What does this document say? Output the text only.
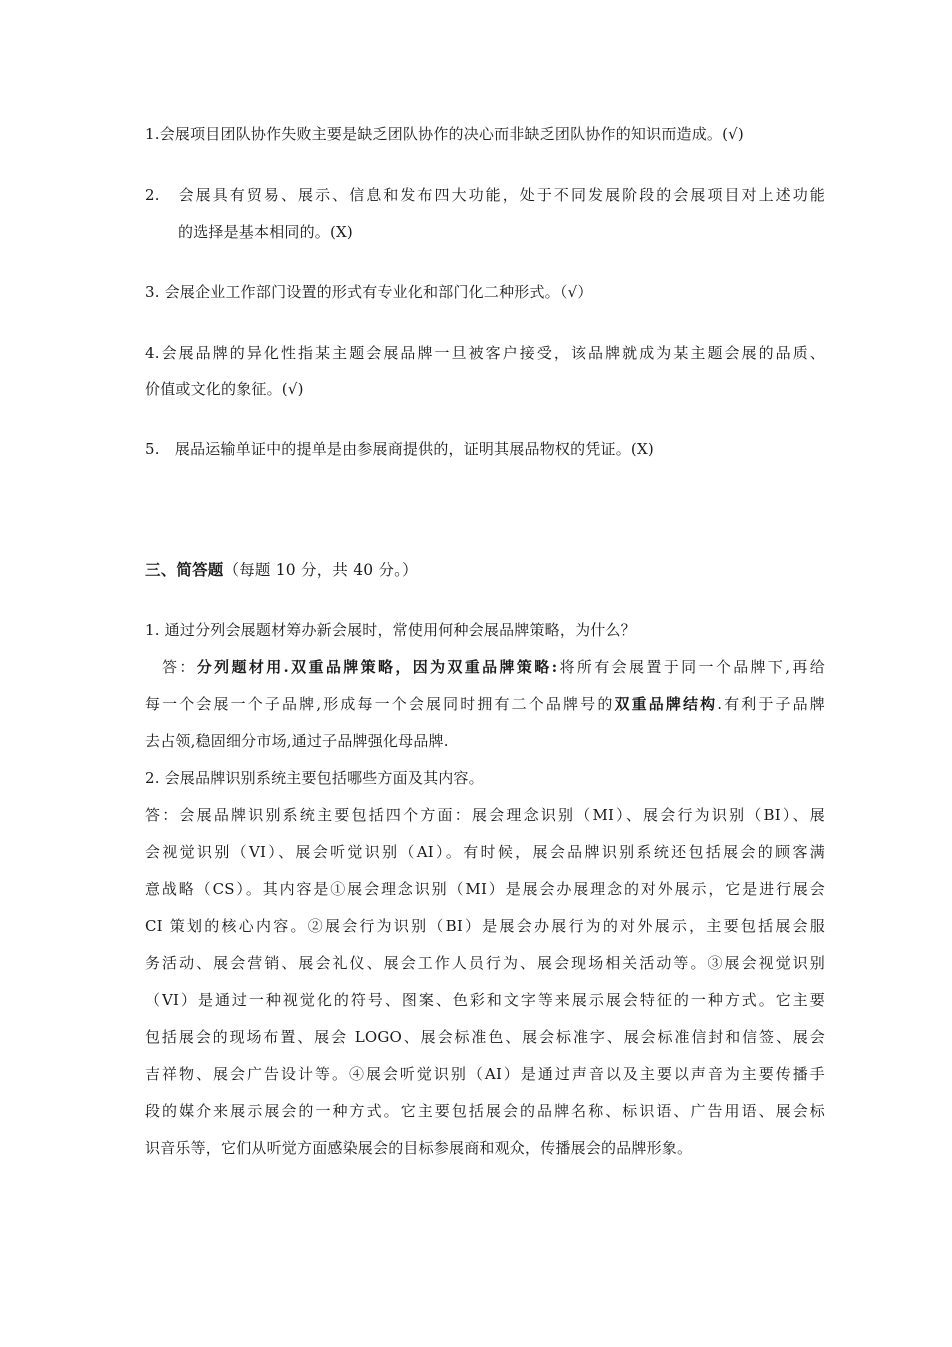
1.会展项目团队协作失败主要是缺乏团队协作的决心而非缺乏团队协作的知识而造成。(√)
2.　会展具有贸易、展示、信息和发布四大功能，处于不同发展阶段的会展项目对上述功能
的选择是基本相同的。(X)
3. 会展企业工作部门设置的形式有专业化和部门化二种形式。（√）
4.会展品牌的异化性指某主题会展品牌一旦被客户接受，该品牌就成为某主题会展的品质、
价值或文化的象征。(√)
5.　展品运输单证中的提单是由参展商提供的，证明其展品物权的凭证。(X)
三、简答题（每题 10 分，共 40 分。）
1. 通过分列会展题材筹办新会展时，常使用何种会展品牌策略，为什么？
答：分列题材用.双重品牌策略，因为双重品牌策略:将所有会展置于同一个品牌下,再给
每一个会展一个子品牌,形成每一个会展同时拥有二个品牌号的双重品牌结构.有利于子品牌
去占领,稳固细分市场,通过子品牌强化母品牌.
2. 会展品牌识别系统主要包括哪些方面及其内容。
答：会展品牌识别系统主要包括四个方面：展会理念识别（MI）、展会行为识别（BI）、展
会视觉识别（VI）、展会听觉识别（AI）。有时候，展会品牌识别系统还包括展会的顾客满
意战略（CS）。其内容是①展会理念识别（MI）是展会办展理念的对外展示，它是进行展会
CI 策划的核心内容。②展会行为识别（BI）是展会办展行为的对外展示，主要包括展会服
务活动、展会营销、展会礼仪、展会工作人员行为、展会现场相关活动等。③展会视觉识别
（VI）是通过一种视觉化的符号、图案、色彩和文字等来展示展会特征的一种方式。它主要
包括展会的现场布置、展会 LOGO、展会标准色、展会标准字、展会标准信封和信签、展会
吉祥物、展会广告设计等。④展会听觉识别（AI）是通过声音以及主要以声音为主要传播手
段的媒介来展示展会的一种方式。它主要包括展会的品牌名称、标识语、广告用语、展会标
识音乐等，它们从听觉方面感染展会的目标参展商和观众，传播展会的品牌形象。
